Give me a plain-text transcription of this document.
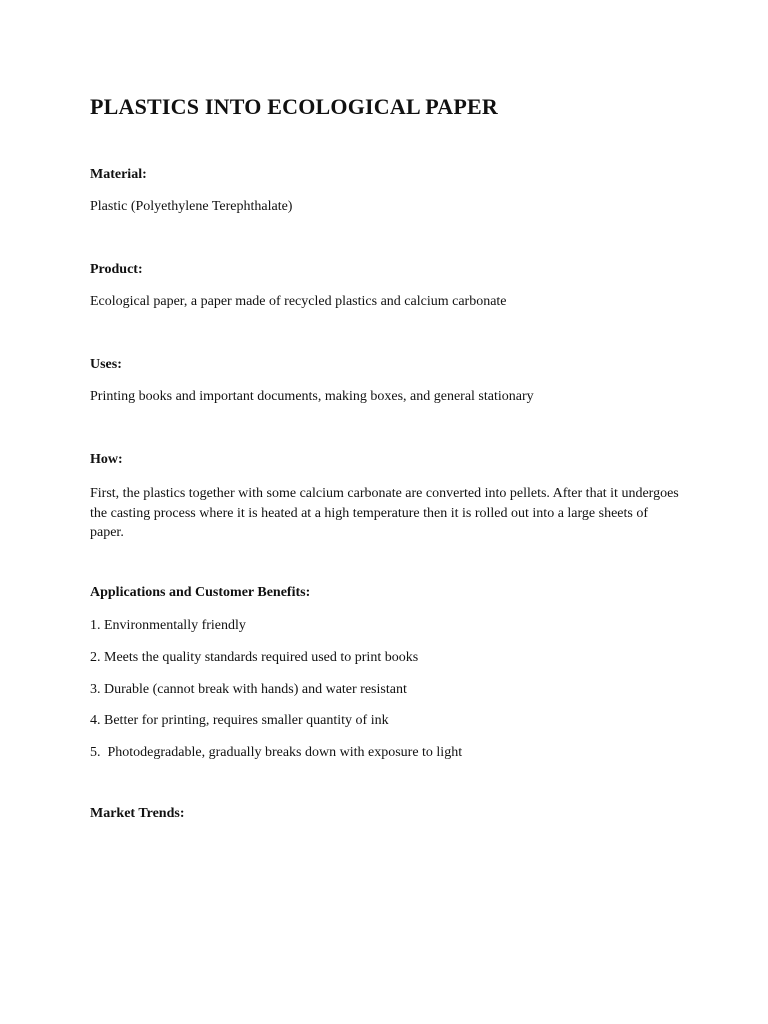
PLASTICS INTO ECOLOGICAL PAPER

Material:

Plastic (Polyethylene Terephthalate)

Product:

Ecological paper, a paper made of recycled plastics and calcium carbonate

Uses:

Printing books and important documents, making boxes, and general stationary

How:

First, the plastics together with some calcium carbonate are converted into pellets. After that it undergoes
the casting process where it is heated at a high temperature then it is rolled out into a large sheets of
paper.

Applications and Customer Benefits:

1. Environmentally friendly
2. Meets the quality standards required used to print books
3. Durable (cannot break with hands) and water resistant
4. Better for printing, requires smaller quantity of ink
5.  Photodegradable, gradually breaks down with exposure to light

Market Trends:
